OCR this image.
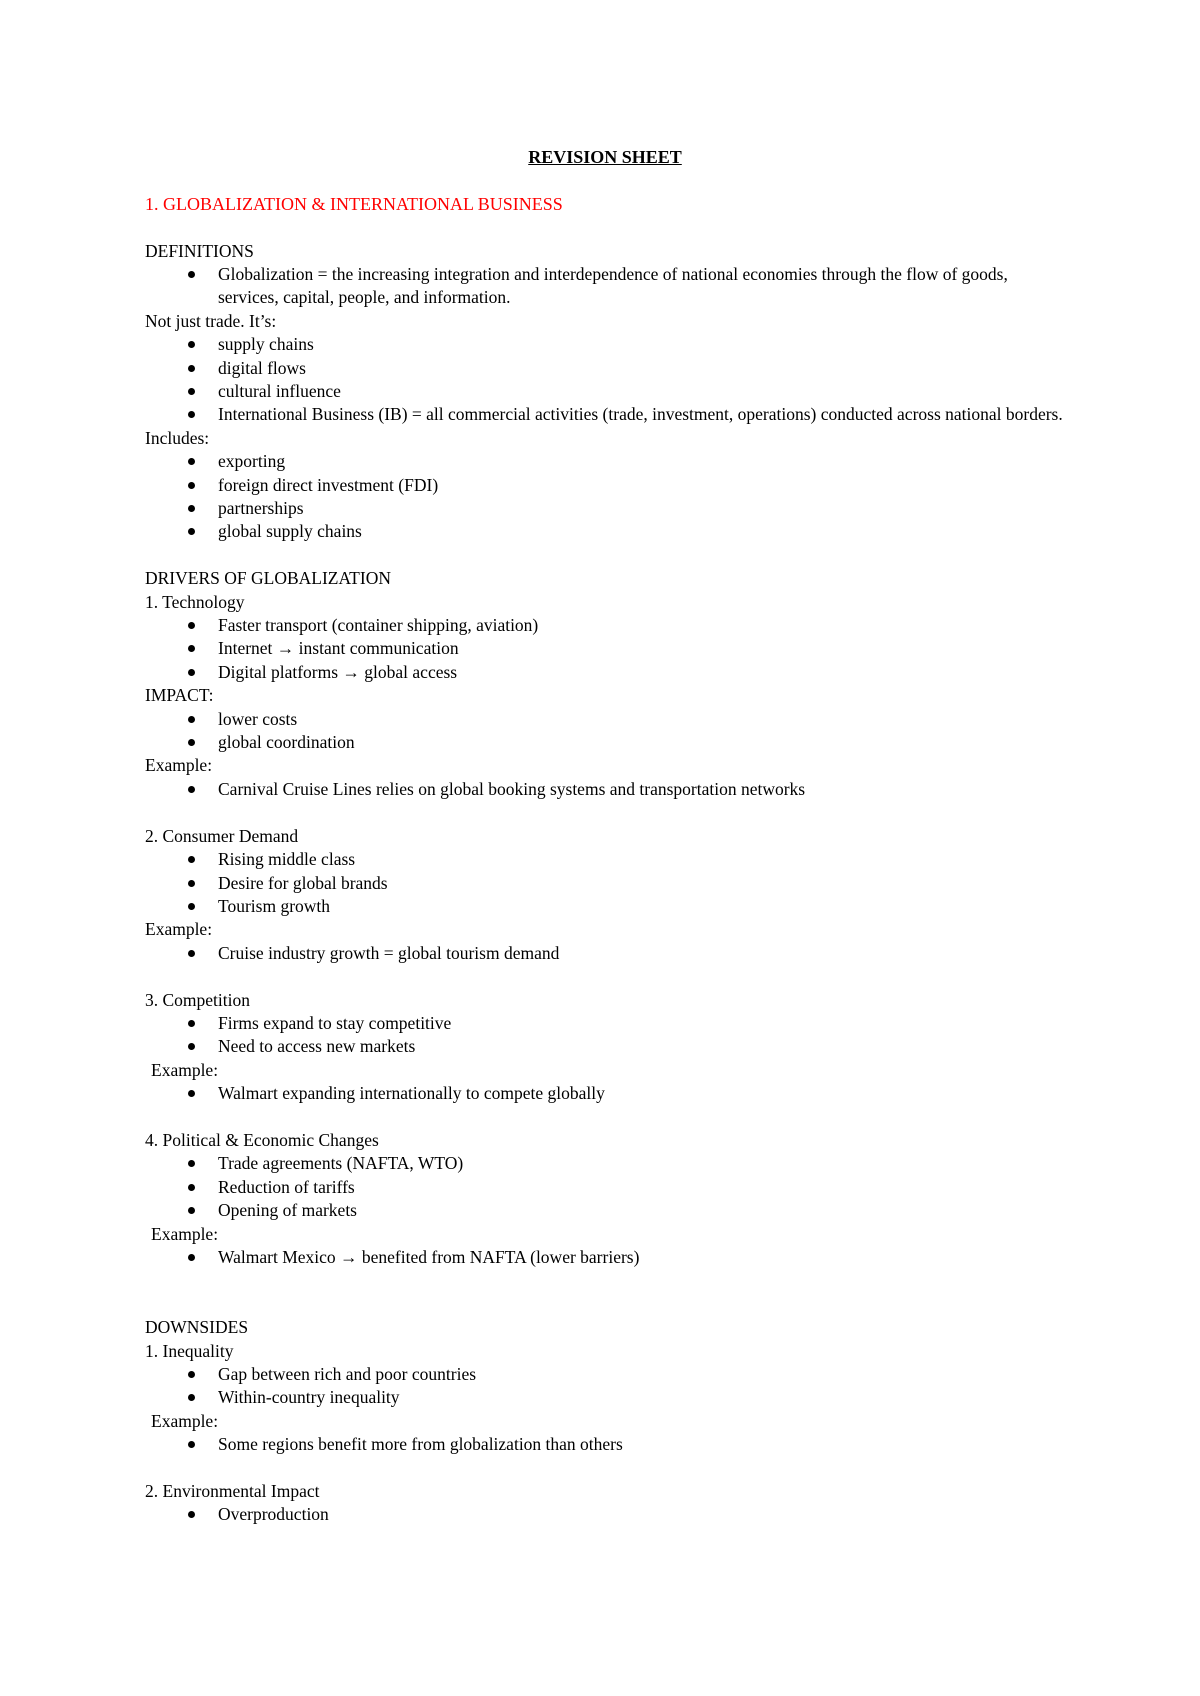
REVISION SHEET
1. GLOBALIZATION & INTERNATIONAL BUSINESS
DEFINITIONS
Globalization = the increasing integration and interdependence of national economies through the flow of goods, services, capital, people, and information.
Not just trade. It’s:
supply chains
digital flows
cultural influence
International Business (IB) = all commercial activities (trade, investment, operations) conducted across national borders.
Includes:
exporting
foreign direct investment (FDI)
partnerships
global supply chains
DRIVERS OF GLOBALIZATION
1. Technology
Faster transport (container shipping, aviation)
Internet → instant communication
Digital platforms → global access
IMPACT:
lower costs
global coordination
Example:
Carnival Cruise Lines relies on global booking systems and transportation networks
2. Consumer Demand
Rising middle class
Desire for global brands
Tourism growth
Example:
Cruise industry growth = global tourism demand
3. Competition
Firms expand to stay competitive
Need to access new markets
Example:
Walmart expanding internationally to compete globally
4. Political & Economic Changes
Trade agreements (NAFTA, WTO)
Reduction of tariffs
Opening of markets
Example:
Walmart Mexico → benefited from NAFTA (lower barriers)
DOWNSIDES
1. Inequality
Gap between rich and poor countries
Within-country inequality
Example:
Some regions benefit more from globalization than others
2. Environmental Impact
Overproduction
